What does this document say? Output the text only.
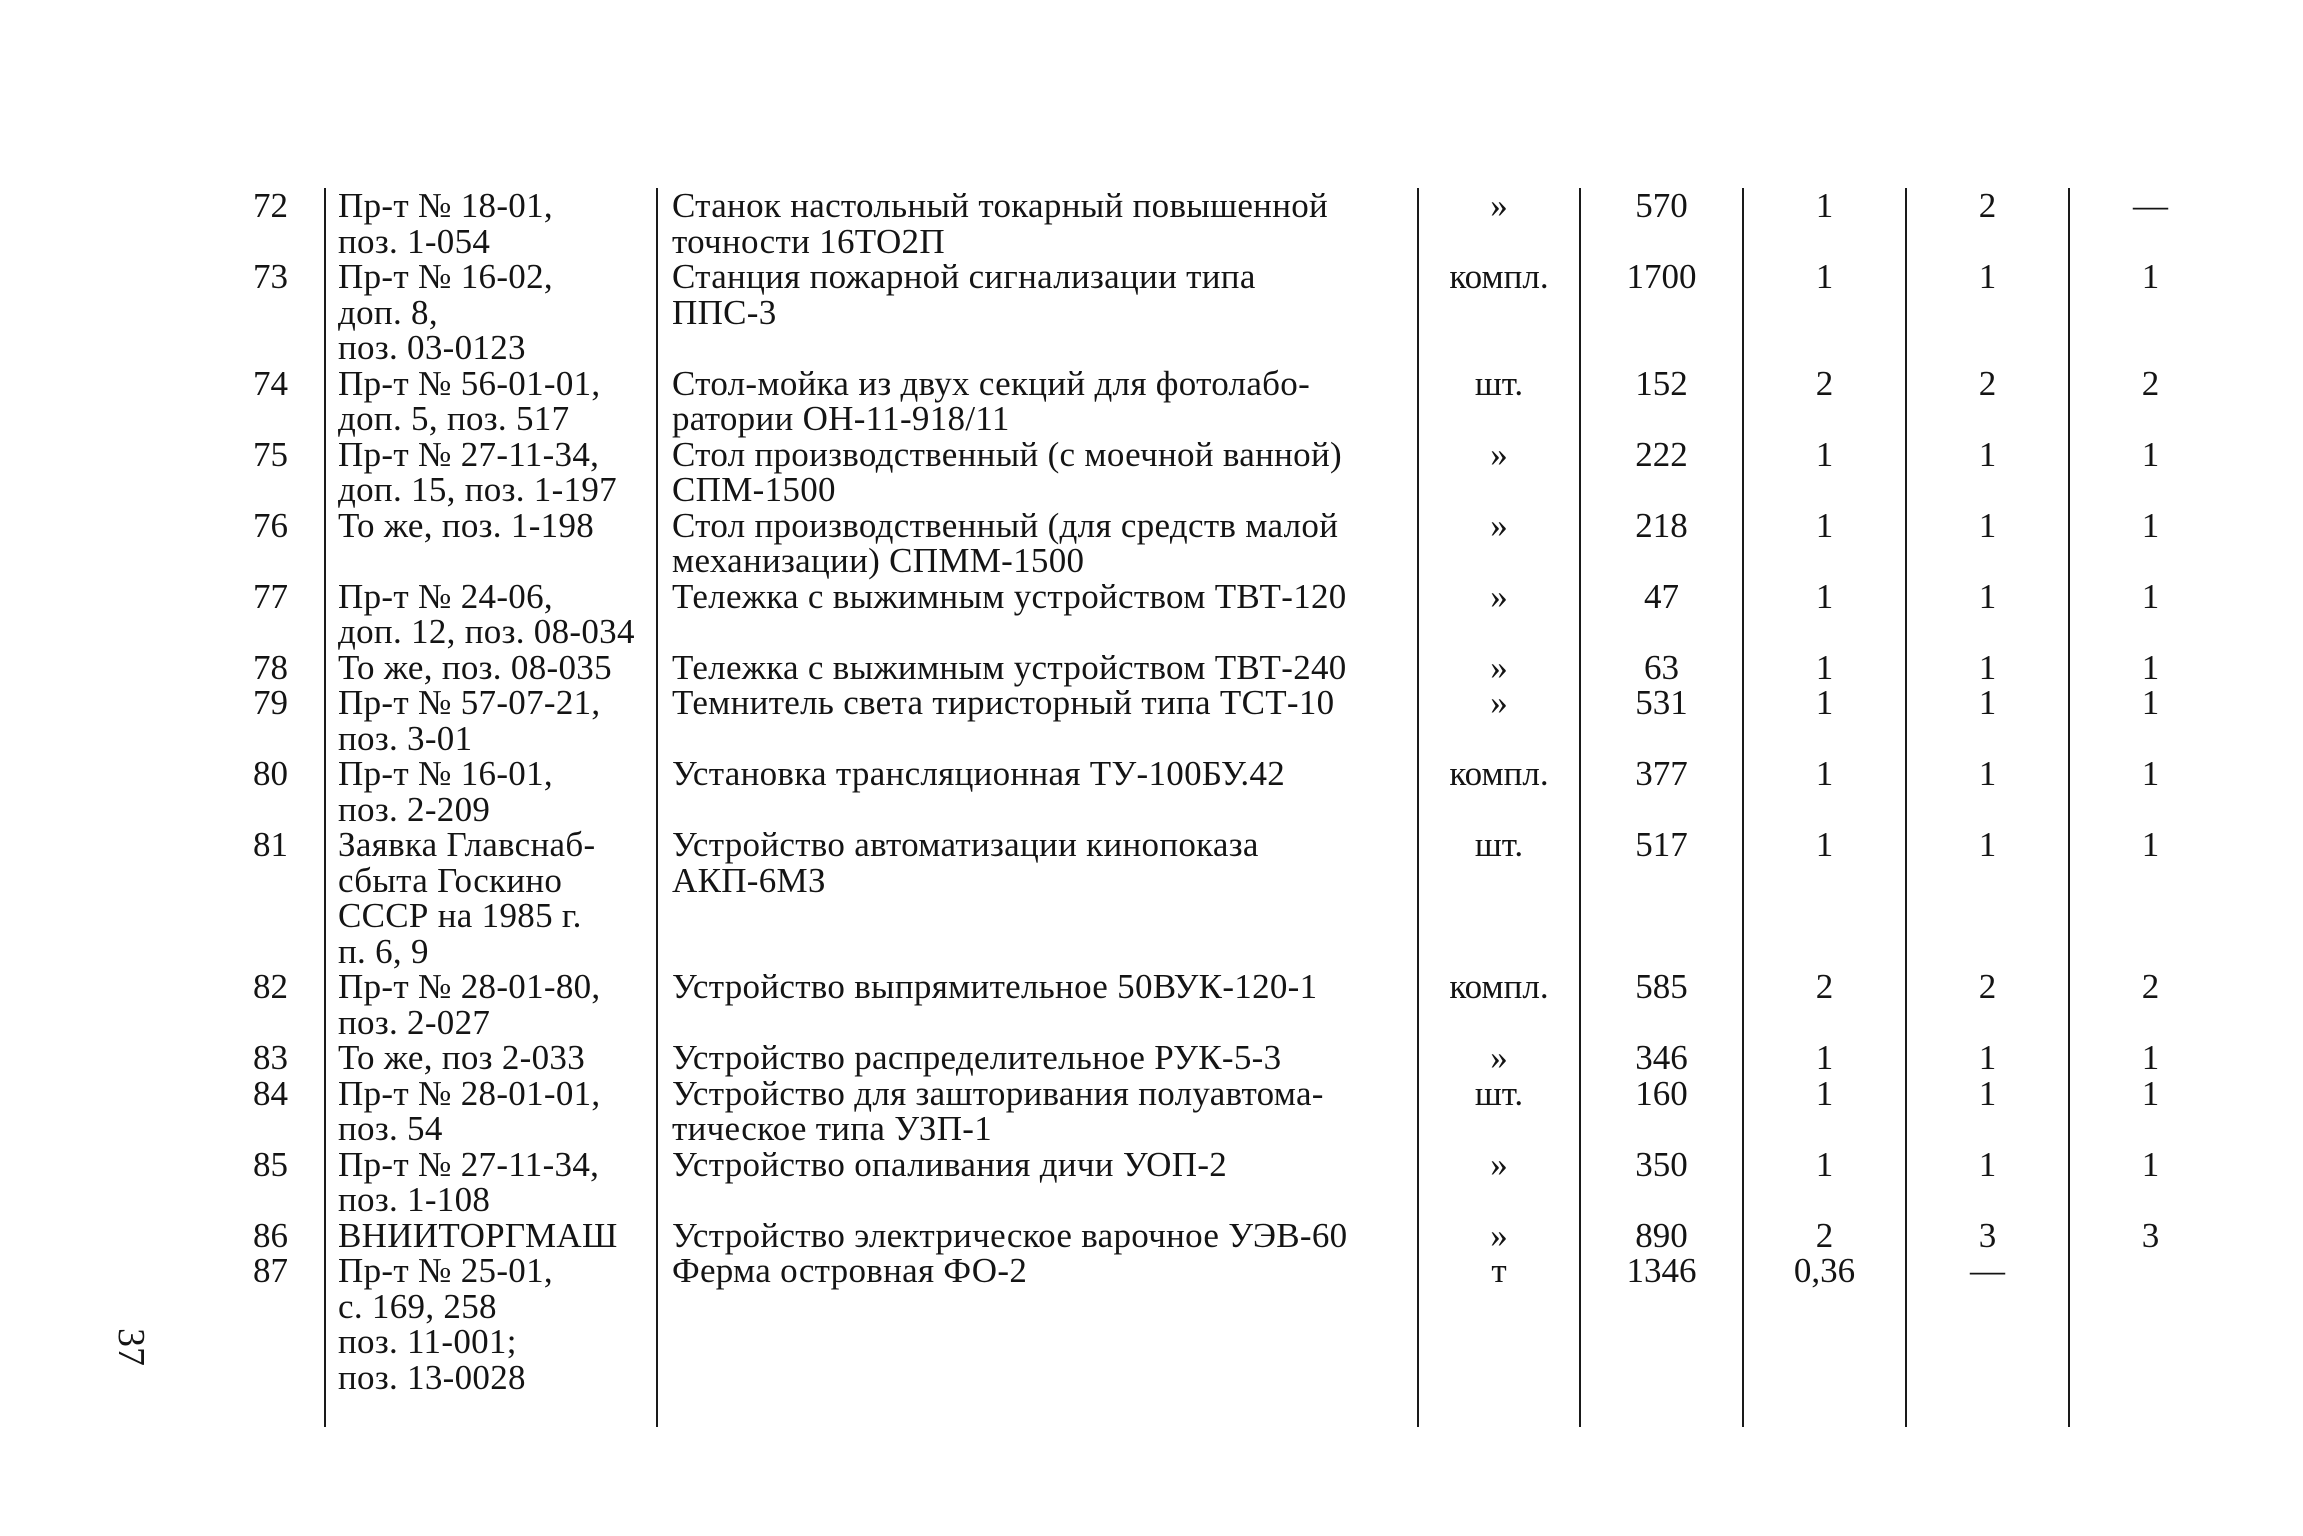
72	Пр-т № 18-01,
поз. 1-054	Станок настольный токарный повышенной
точности 16ТО2П	»	570	1	2	—
73	Пр-т № 16-02,
доп. 8,
поз. 03-0123	Станция пожарной сигнализации типа
ППС-3	компл.	1700	1	1	1
74	Пр-т № 56-01-01,
доп. 5, поз. 517	Стол-мойка из двух секций для фотолабо-
ратории ОН-11-918/11	шт.	152	2	2	2
75	Пр-т № 27-11-34,
доп. 15, поз. 1-197	Стол производственный (с моечной ванной)
СПМ-1500	»	222	1	1	1
76	То же, поз. 1-198	Стол производственный (для средств малой
механизации) СПММ-1500	»	218	1	1	1
77	Пр-т № 24-06,
доп. 12, поз. 08-034	Тележка с выжимным устройством ТВТ-120	»	47	1	1	1
78	То же, поз. 08-035	Тележка с выжимным устройством ТВТ-240	»	63	1	1	1
79	Пр-т № 57-07-21,
поз. 3-01	Темнитель света тиристорный типа ТСТ-10	»	531	1	1	1
80	Пр-т № 16-01,
поз. 2-209	Установка трансляционная ТУ-100БУ.42	компл.	377	1	1	1
81	Заявка Главснаб-
сбыта Госкино
СССР на 1985 г.
п. 6, 9	Устройство автоматизации кинопоказа
АКП-6МЗ	шт.	517	1	1	1
82	Пр-т № 28-01-80,
поз. 2-027	Устройство выпрямительное 50ВУК-120-1	компл.	585	2	2	2
83	То же, поз 2-033	Устройство распределительное РУК-5-3	»	346	1	1	1
84	Пр-т № 28-01-01,
поз. 54	Устройство для зашторивания полуавтома-
тическое типа УЗП-1	шт.	160	1	1	1
85	Пр-т № 27-11-34,
поз. 1-108	Устройство опаливания дичи УОП-2	»	350	1	1	1
86	ВНИИТОРГМАШ	Устройство электрическое варочное УЭВ-60	»	890	2	3	3
87	Пр-т № 25-01,
с. 169, 258
поз. 11-001;
поз. 13-0028	Ферма островная ФО-2	т	1346	0,36	—	
37
